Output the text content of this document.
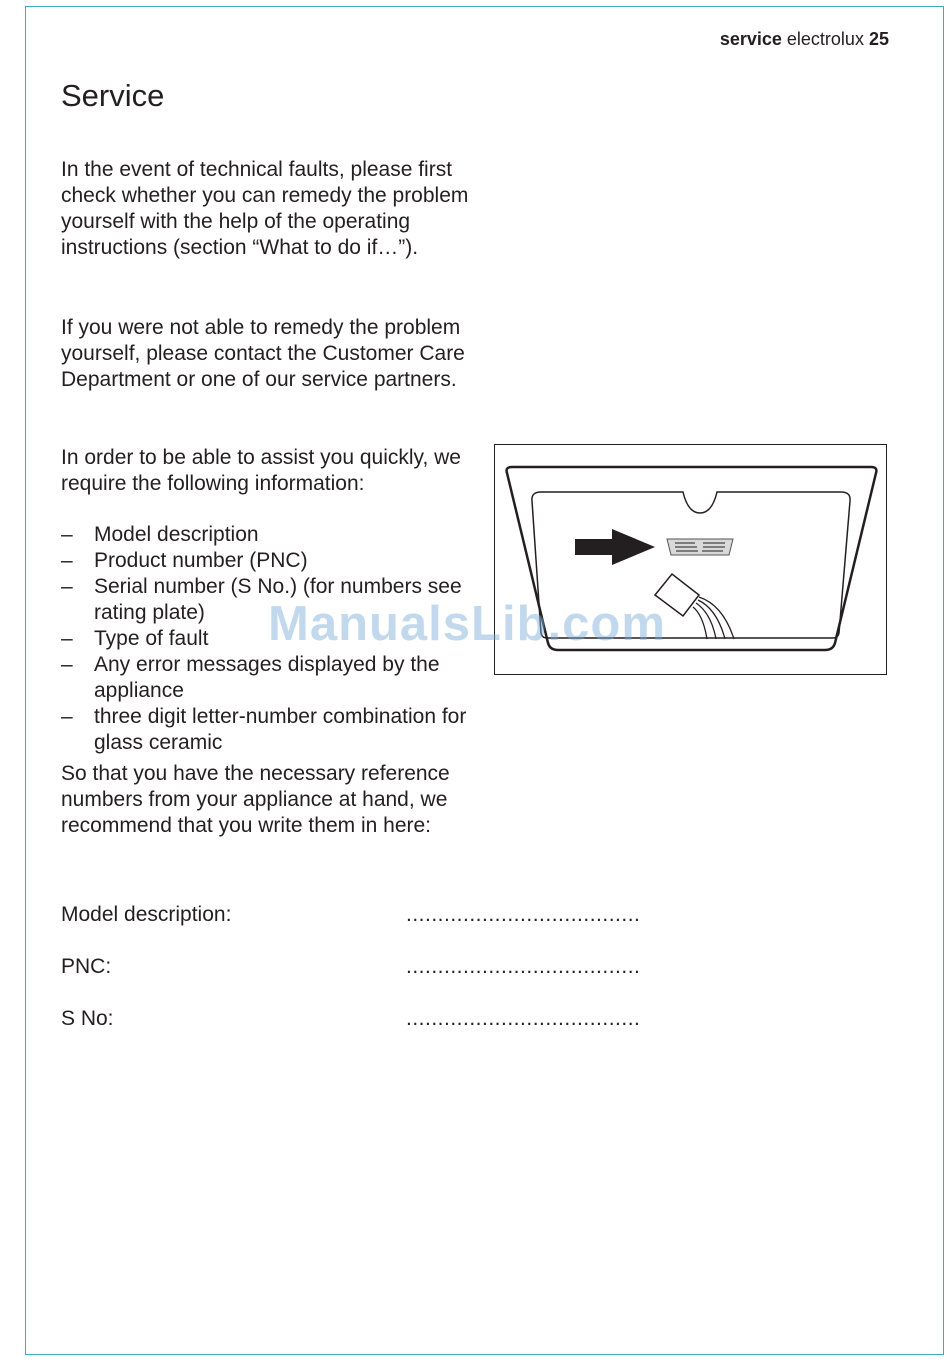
service electrolux 25
Service

In the event of technical faults, please first check whether you can remedy the problem yourself with the help of the operating instructions (section “What to do if…”).

If you were not able to remedy the problem yourself, please contact the Customer Care Department or one of our service partners.

In order to be able to assist you quickly, we require the following information:

– Model description
– Product number (PNC)
– Serial number (S No.) (for numbers see rating plate)
– Type of fault
– Any error messages displayed by the appliance
– three digit letter-number combination for glass ceramic

So that you have the necessary reference numbers from your appliance at hand, we recommend that you write them in here:

Model description:	.....................................
PNC:	.....................................
S No:	.....................................
ManualsLib.com
